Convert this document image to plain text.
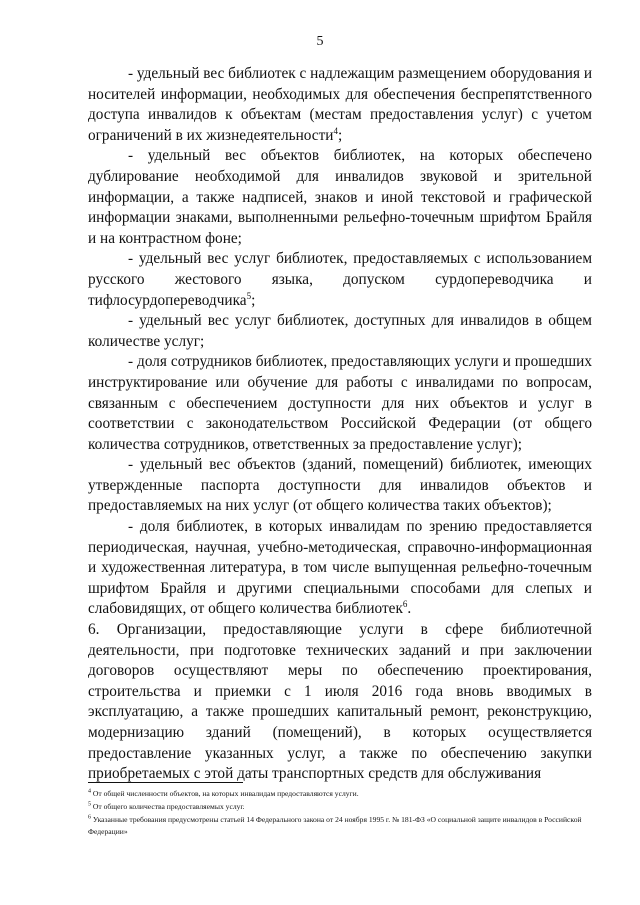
5

- удельный вес библиотек с надлежащим размещением оборудования и носителей информации, необходимых для обеспечения беспрепятственного доступа инвалидов к объектам (местам предоставления услуг) с учетом ограничений в их жизнедеятельности$^4$;

- удельный вес объектов библиотек, на которых обеспечено дублирование необходимой для инвалидов звуковой и зрительной информации, а также надписей, знаков и иной текстовой и графической информации знаками, выполненными рельефно-точечным шрифтом Брайля и на контрастном фоне;

- удельный вес услуг библиотек, предоставляемых с использованием русского жестового языка, допуском сурдопереводчика и тифлосурдопереводчика$^5$;

- удельный вес услуг библиотек, доступных для инвалидов в общем количестве услуг;

- доля сотрудников библиотек, предоставляющих услуги и прошедших инструктирование или обучение для работы с инвалидами по вопросам, связанным с обеспечением доступности для них объектов и услуг в соответствии с законодательством Российской Федерации (от общего количества сотрудников, ответственных за предоставление услуг);

- удельный вес объектов (зданий, помещений) библиотек, имеющих утвержденные паспорта доступности для инвалидов объектов и предоставляемых на них услуг (от общего количества таких объектов);

- доля библиотек, в которых инвалидам по зрению предоставляется периодическая, научная, учебно-методическая, справочно-информационная и художественная литература, в том числе выпущенная рельефно-точечным шрифтом Брайля и другими специальными способами для слепых и слабовидящих, от общего количества библиотек$^6$.

6. Организации, предоставляющие услуги в сфере библиотечной деятельности, при подготовке технических заданий и при заключении договоров осуществляют меры по обеспечению проектирования, строительства и приемки с 1 июля 2016 года вновь вводимых в эксплуатацию, а также прошедших капитальный ремонт, реконструкцию, модернизацию зданий (помещений), в которых осуществляется предоставление указанных услуг, а также по обеспечению закупки приобретаемых с этой даты транспортных средств для обслуживания

$^4$ От общей численности объектов, на которых инвалидам предоставляются услуги.

$^5$ От общего количества предоставляемых услуг.

$^6$ Указанные требования предусмотрены статьей 14 Федерального закона от 24 ноября 1995 г. № 181-ФЗ «О социальной защите инвалидов в Российской Федерации»
